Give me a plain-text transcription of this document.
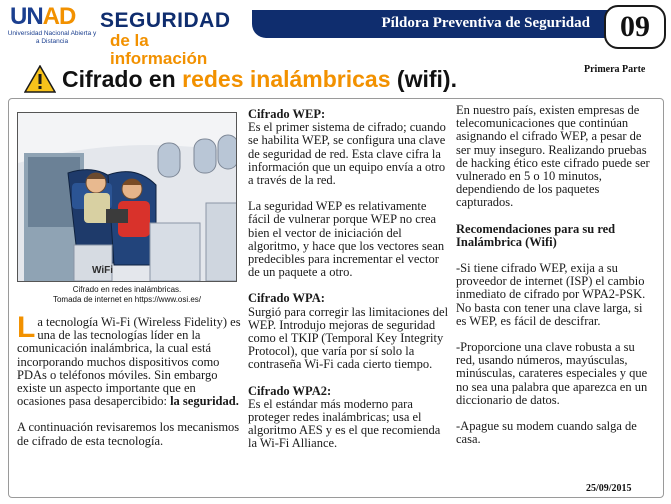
UNAD
Universidad Nacional Abierta y a Distancia
SEGURIDAD
de la información
Píldora Preventiva de Seguridad	09
Cifrado en redes inalámbricas (wifi).	Primera Parte
WiFi
Cifrado en redes inalámbricas.
Tomada de internet en https://www.osi.es/

La tecnología Wi-Fi (Wireless Fidelity) es una de las tecnologías líder en la comunicación inalámbrica, la cual está incorporando muchos dispositivos como PDAs o teléfonos móviles. Sin embargo existe un aspecto importante que en ocasiones pasa desapercibido: la seguridad.

A continuación revisaremos los mecanismos de cifrado de esta tecnología.

Cifrado WEP:

Es el primer sistema de cifrado; cuando se habilita WEP, se configura una clave de seguridad de red. Esta clave cifra la información que un equipo envía a otro a través de la red.

La seguridad WEP es relativamente fácil de vulnerar porque WEP no crea bien el vector de iniciación del algoritmo, y hace que los vectores sean predecibles para incrementar el vector de un paquete a otro.

Cifrado WPA:

Surgió para corregir las limitaciones del WEP. Introdujo mejoras de seguridad como el TKIP (Temporal Key Integrity Protocol), que varía por sí solo la contraseña Wi-Fi cada cierto tiempo.

Cifrado WPA2:

Es el estándar más moderno para proteger redes inalámbricas; usa el algoritmo AES y es el que recomienda la Wi-Fi Alliance.

En nuestro país, existen empresas de telecomunicaciones que continúan asignando el cifrado WEP, a pesar de ser muy inseguro. Realizando pruebas de hacking ético este cifrado puede ser vulnerado en 5 o 10 minutos, dependiendo de los paquetes capturados.

Recomendaciones para su red Inalámbrica (Wifi)

-Si tiene cifrado WEP, exija a su proveedor de internet (ISP) el cambio inmediato de cifrado por WPA2-PSK. No basta con tener una clave larga, si es WEP, es fácil de descifrar.

-Proporcione una clave robusta a su red, usando números, mayúsculas, minúsculas, carateres especiales y que no sea una palabra que aparezca en un diccionario de datos.

-Apague su modem cuando salga de casa.

25/09/2015
